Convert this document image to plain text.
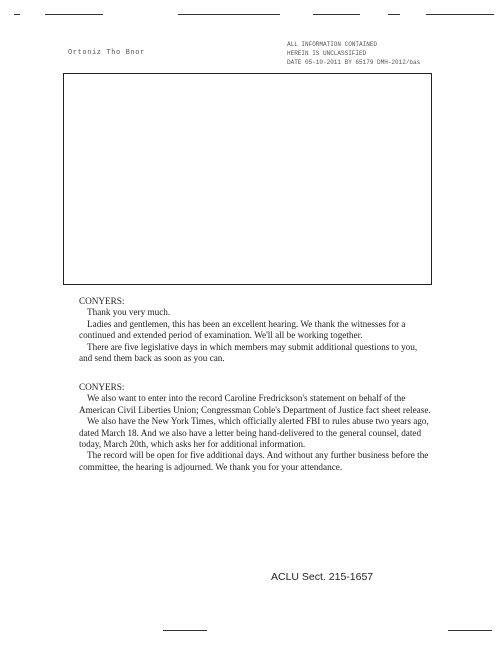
Ortoniz Tho Bnor
ALL INFORMATION CONTAINED
HEREIN IS UNCLASSIFIED
DATE 05-10-2011 BY 65179 DMH-2012/bas

CONYERS:

Thank you very much.

Ladies and gentlemen, this has been an excellent hearing. We thank the witnesses for a continued and extended period of examination. We'll all be working together.

There are five legislative days in which members may submit additional questions to you, and send them back as soon as you can.

CONYERS:

We also want to enter into the record Caroline Fredrickson's statement on behalf of the American Civil Liberties Union; Congressman Coble's Department of Justice fact sheet release.

We also have the New York Times, which officially alerted FBI to rules abuse two years ago, dated March 18. And we also have a letter being hand-delivered to the general counsel, dated today, March 20th, which asks her for additional information.

The record will be open for five additional days. And without any further business before the committee, the hearing is adjourned. We thank you for your attendance.

ACLU Sect. 215-1657
